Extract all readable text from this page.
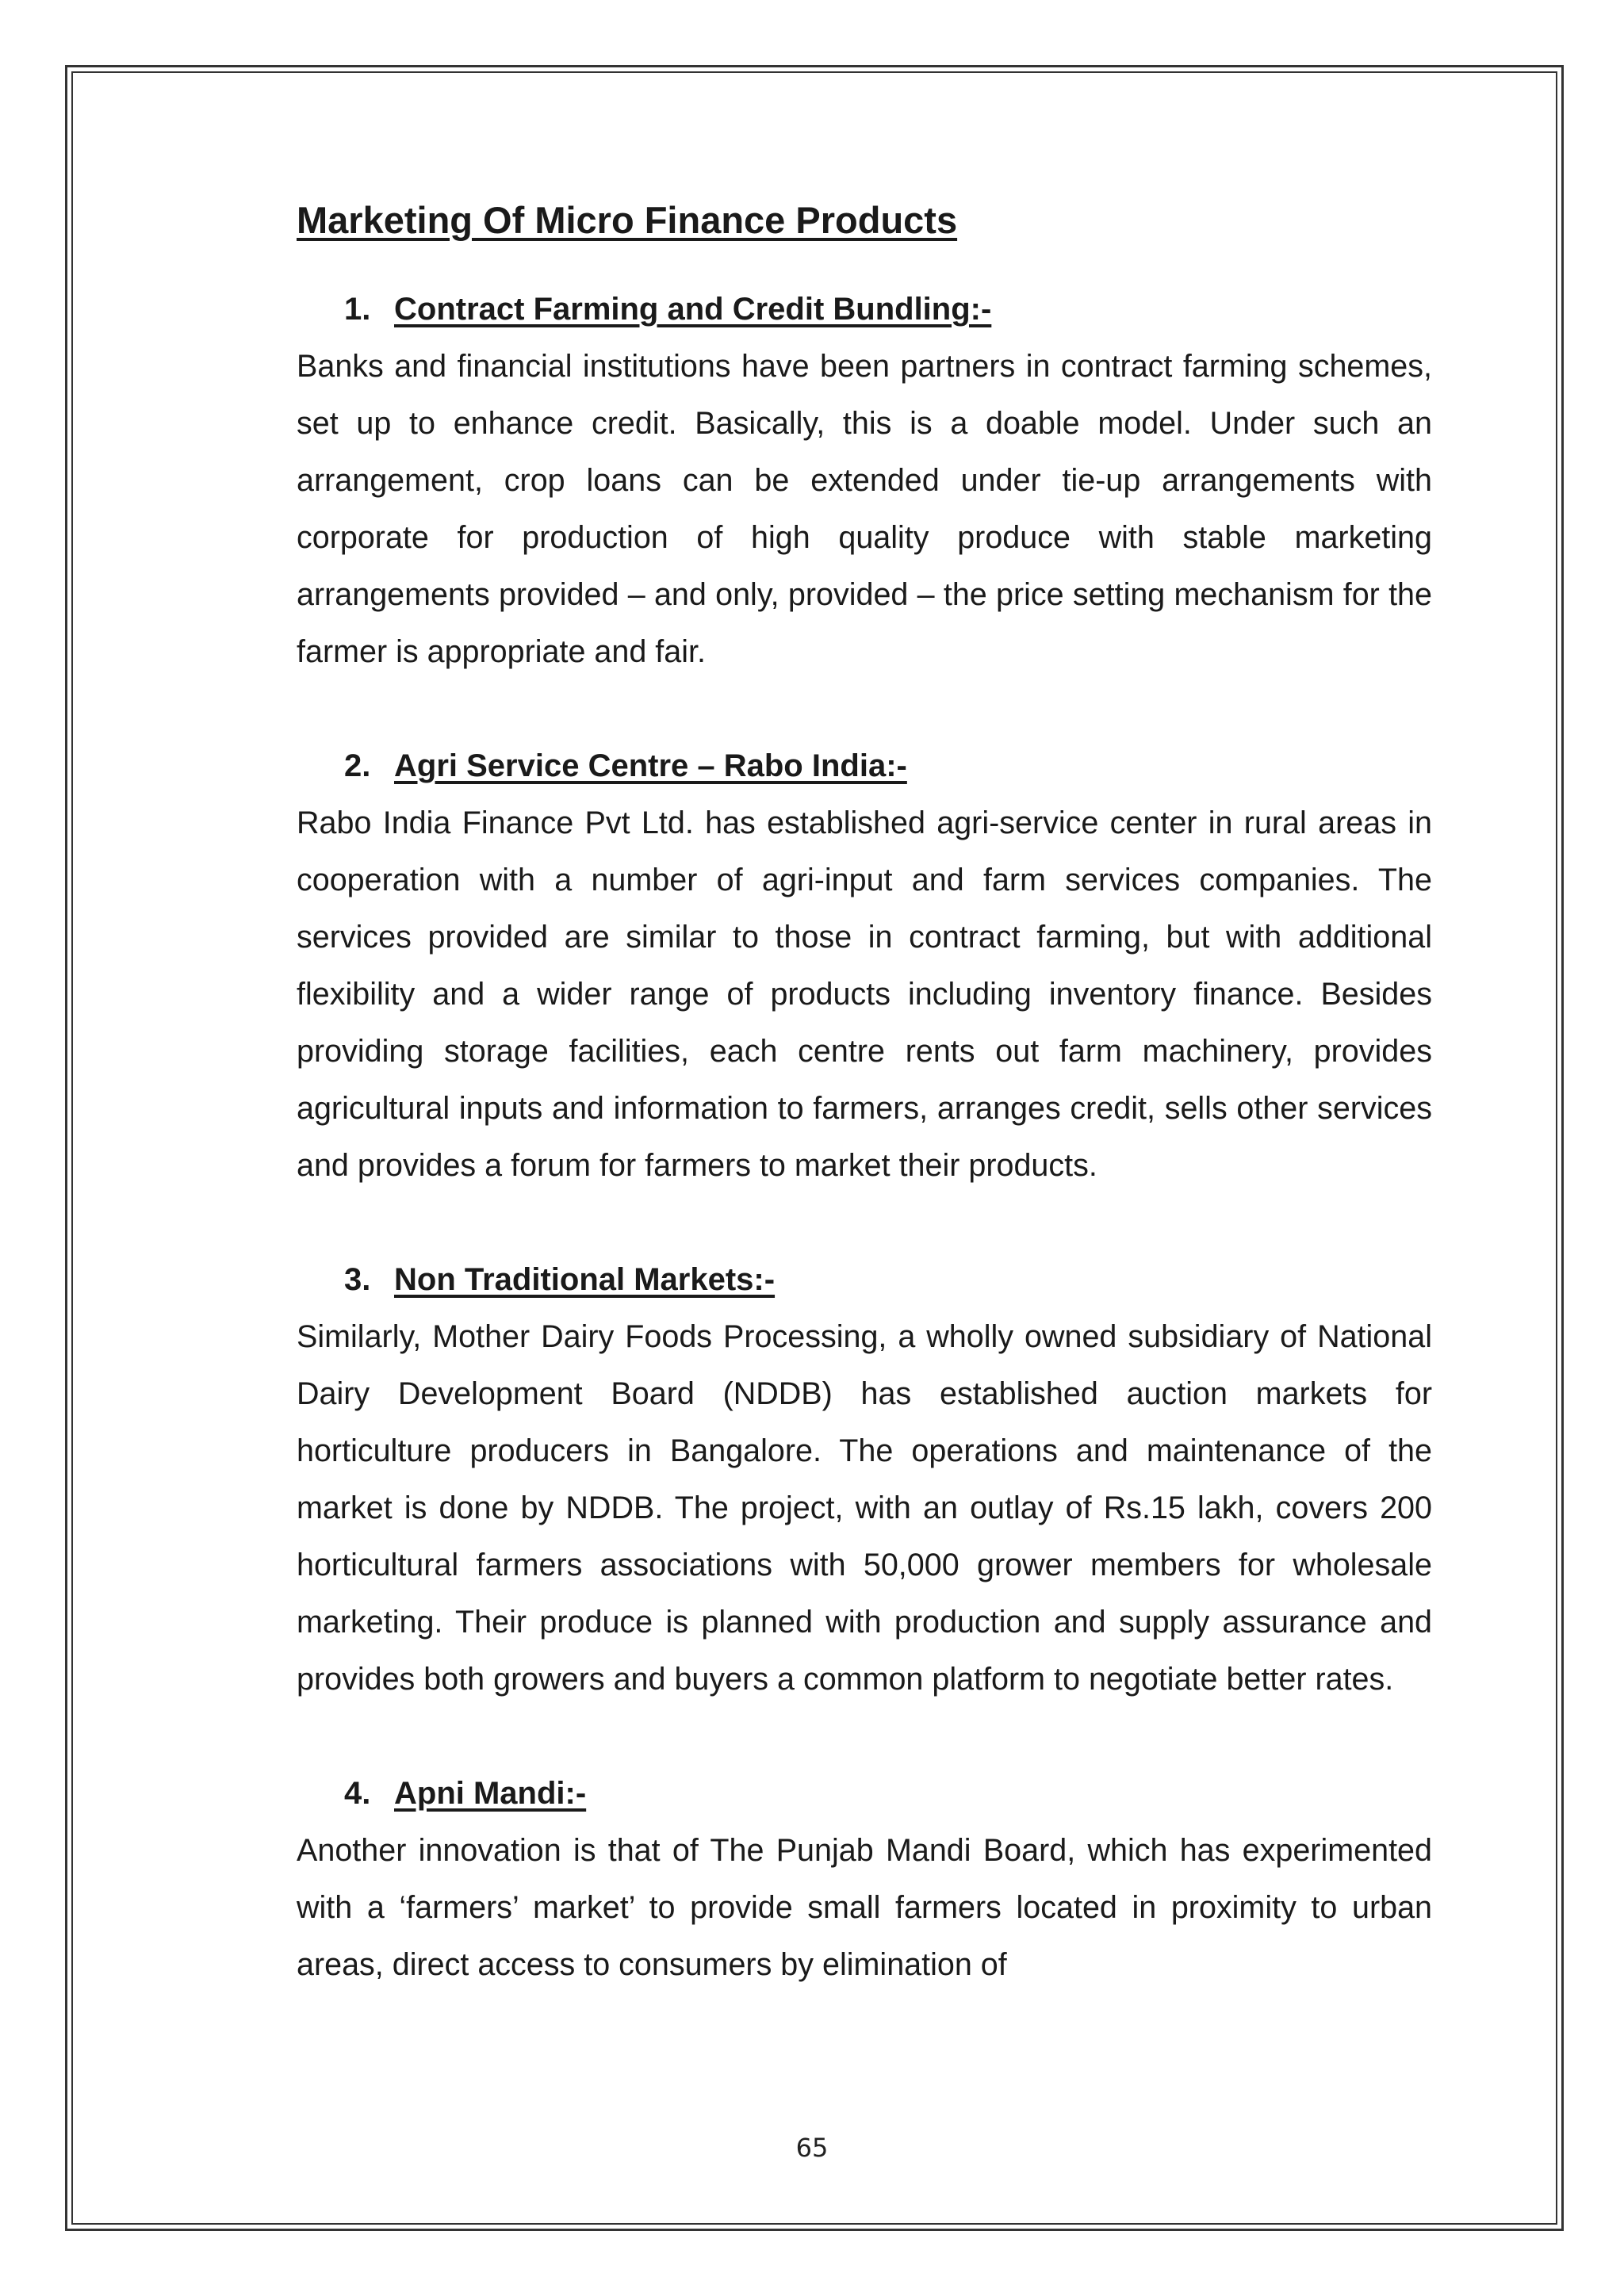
Marketing Of Micro Finance Products
1. Contract Farming and Credit Bundling:-

Banks and financial institutions have been partners in contract farming schemes, set up to enhance credit. Basically, this is a doable model. Under such an arrangement, crop loans can be extended under tie-up arrangements with corporate for production of high quality produce with stable marketing arrangements provided – and only, provided – the price setting mechanism for the farmer is appropriate and fair.

2. Agri Service Centre – Rabo India:-

Rabo India Finance Pvt Ltd. has established agri-service center in rural areas in cooperation with a number of agri-input and farm services companies. The services provided are similar to those in contract farming, but with additional flexibility and a wider range of products including inventory finance. Besides providing storage facilities, each centre rents out farm machinery, provides agricultural inputs and information to farmers, arranges credit, sells other services and provides a forum for farmers to market their products.

3. Non Traditional Markets:-

Similarly, Mother Dairy Foods Processing, a wholly owned subsidiary of National Dairy Development Board (NDDB) has established auction markets for horticulture producers in Bangalore. The operations and maintenance of the market is done by NDDB. The project, with an outlay of Rs.15 lakh, covers 200 horticultural farmers associations with 50,000 grower members for wholesale marketing. Their produce is planned with production and supply assurance and provides both growers and buyers a common platform to negotiate better rates.

4. Apni Mandi:-

Another innovation is that of The Punjab Mandi Board, which has experimented with a ‘farmers’ market’ to provide small farmers located in proximity to urban areas, direct access to consumers by elimination of

65
